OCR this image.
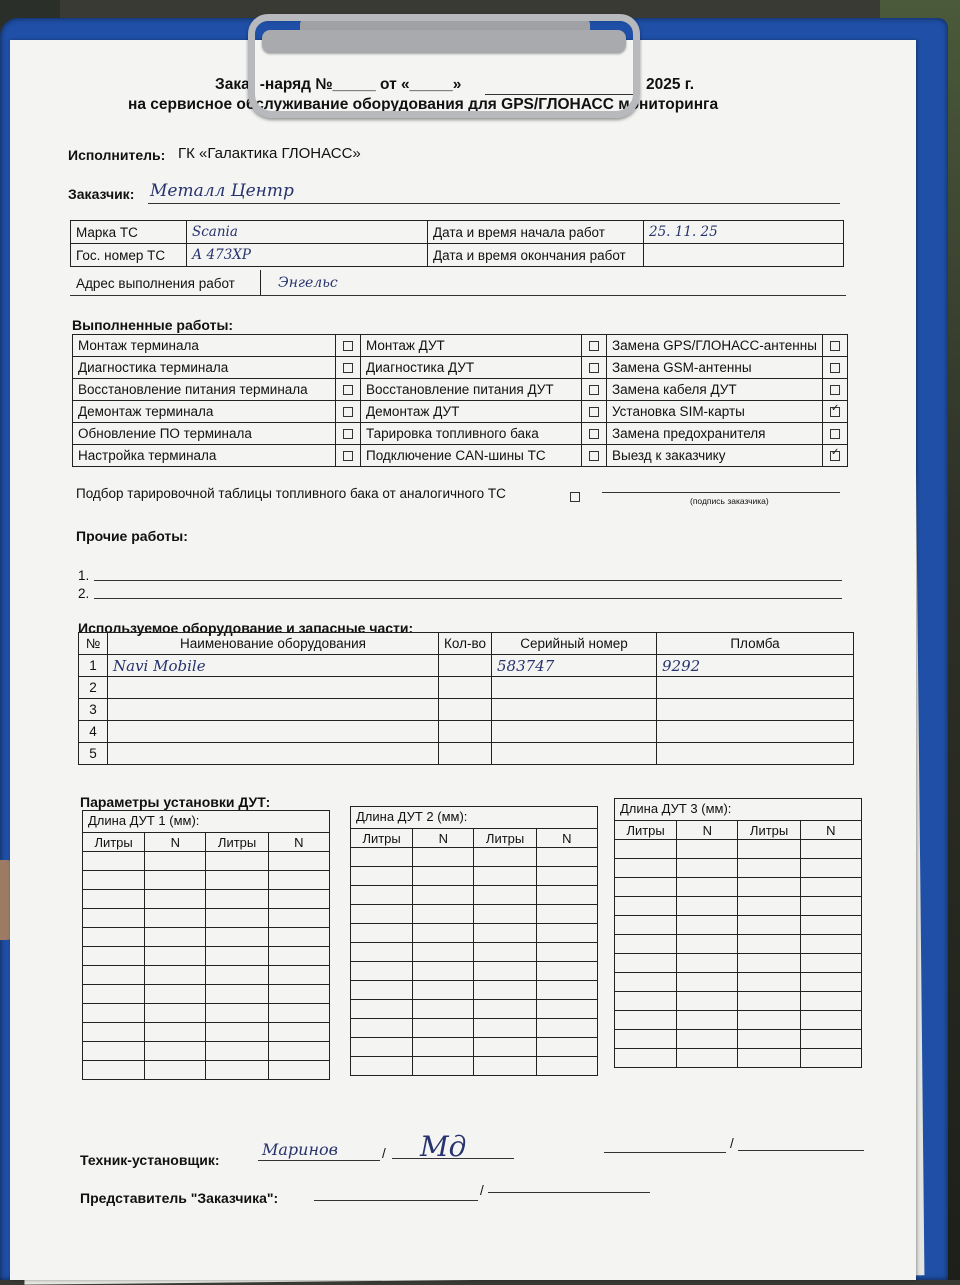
Зака -наряд №_____ от «_____»	2025 г.
на сервисное обслуживание оборудования для GPS/ГЛОНАСС мониторинга
Исполнитель: ГК «Галактика ГЛОНАСС»
Заказчик: Металл Центр
Марка ТС	Scania	Дата и время начала работ	25. 11. 25
Гос. номер ТС	А 473ХР	Дата и время окончания работ	
Адрес выполнения работ	Энгельс
Выполненные работы:
Монтаж терминала		Монтаж ДУТ		Замена GPS/ГЛОНАСС-антенны	
Диагностика терминала		Диагностика ДУТ		Замена GSM-антенны	
Восстановление питания терминала		Восстановление питания ДУТ		Замена кабеля ДУТ	
Демонтаж терминала		Демонтаж ДУТ		Установка SIM-карты	✓
Обновление ПО терминала		Тарировка топливного бака		Замена предохранителя	
Настройка терминала		Подключение CAN-шины ТС		Выезд к заказчику	✓
Подбор тарировочной таблицы топливного бака от аналогичного ТС	(подпись заказчика)
Прочие работы:
1.
2.
Используемое оборудование и запасные части:
№	Наименование оборудования	Кол-во	Серийный номер	Пломба
1	Navi Mobile		583747	9292
2				
3				
4				
5				
Параметры установки ДУТ:
Длина ДУТ 1 (мм):
Литры	N	Литры	N

Длина ДУТ 2 (мм):
Литры	N	Литры	N

Длина ДУТ 3 (мм):
Литры	N	Литры	N

Техник-установщик:
Маринов	/ Мд	/
Представитель "Заказчика":	/
